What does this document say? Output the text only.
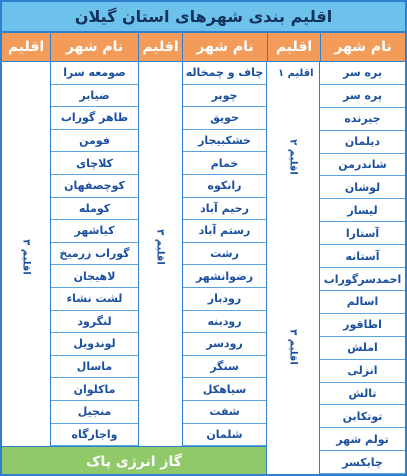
اقلیم بندی شهرهای استان گیلان
نام شهر
اقلیم
نام شهر
اقلیم
نام شهر
اقلیم
بره سر
پره سر
جیرنده
دیلمان
شاندرمن
لوشان
لیسار
آستارا
آستانه
احمدسرگوراب
اسالم
اطاقور
املش
انزلی
تالش
توتکابن
تولم شهر
چابکسر
اقلیم ۱
اقلیم ۲
اقلیم ۳
چاف و چمخاله
چوبر
حویق
خشکبیجار
خمام
رانکوه
رحیم آباد
رستم آباد
رشت
رضوانشهر
رودبار
رودبنه
رودسر
سنگر
سیاهکل
شفت
شلمان
اقلیم ۳
صومعه سرا
ضیابر
طاهر گوراب
فومن
کلاچای
کوچصفهان
کومله
کیاشهر
گوراب زرمیخ
لاهیجان
لشت نشاء
لنگرود
لوندویل
ماسال
ماکلوان
منجیل
واجارگاه
اقلیم ۳
گاز انرژی پاک
